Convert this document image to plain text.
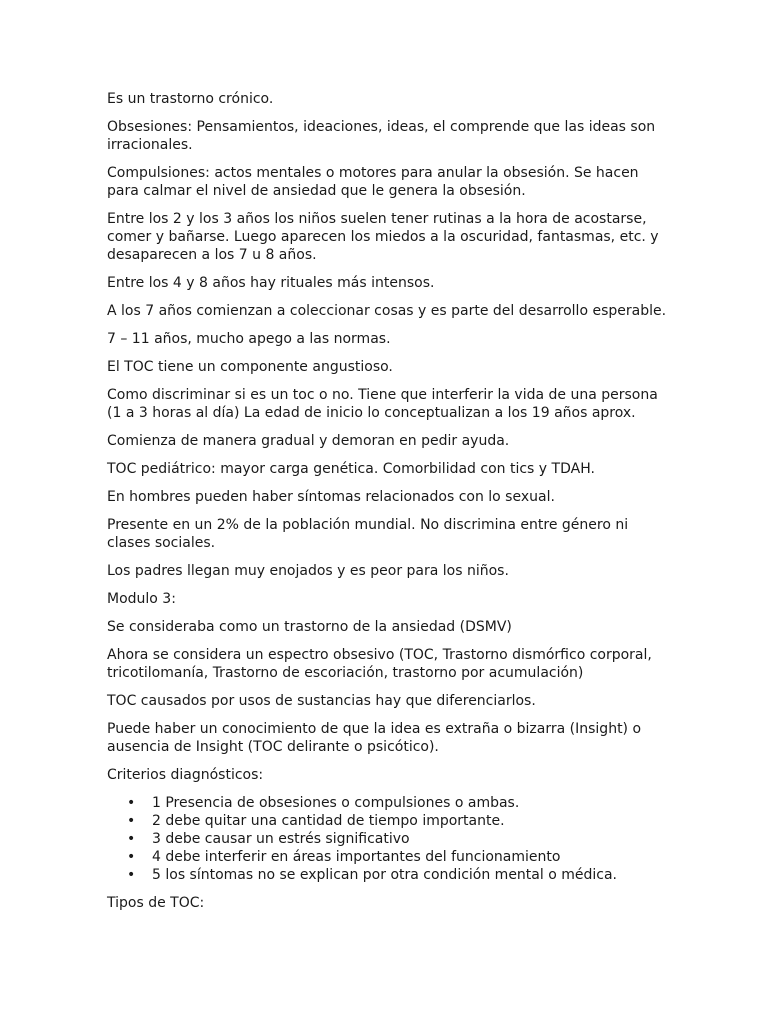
Es un trastorno crónico.

Obsesiones: Pensamientos, ideaciones, ideas, el comprende que las ideas son irracionales.

Compulsiones: actos mentales o motores para anular la obsesión. Se hacen para calmar el nivel de ansiedad que le genera la obsesión.

Entre los 2 y los 3 años los niños suelen tener rutinas a la hora de acostarse, comer y bañarse. Luego aparecen los miedos a la oscuridad, fantasmas, etc. y desaparecen a los 7 u 8 años.

Entre los 4 y 8 años hay rituales más intensos.

A los 7 años comienzan a coleccionar cosas y es parte del desarrollo esperable.

7 – 11 años, mucho apego a las normas.

El TOC tiene un componente angustioso.

Como discriminar si es un toc o no. Tiene que interferir la vida de una persona (1 a 3 horas al día) La edad de inicio lo conceptualizan a los 19 años aprox.

Comienza de manera gradual y demoran en pedir ayuda.

TOC pediátrico: mayor carga genética. Comorbilidad con tics y TDAH.

En hombres pueden haber síntomas relacionados con lo sexual.

Presente en un 2% de la población mundial. No discrimina entre género ni clases sociales.

Los padres llegan muy enojados y es peor para los niños.

Modulo 3:

Se consideraba como un trastorno de la ansiedad (DSMV)

Ahora se considera un espectro obsesivo (TOC, Trastorno dismórfico corporal, tricotilomanía, Trastorno de escoriación, trastorno por acumulación)

TOC causados por usos de sustancias hay que diferenciarlos.

Puede haber un conocimiento de que la idea es extraña o bizarra (Insight) o ausencia de Insight (TOC delirante o psicótico).

Criterios diagnósticos:

• 1 Presencia de obsesiones o compulsiones o ambas.
• 2 debe quitar una cantidad de tiempo importante.
• 3 debe causar un estrés significativo
• 4 debe interferir en áreas importantes del funcionamiento
• 5 los síntomas no se explican por otra condición mental o médica.

Tipos de TOC:
